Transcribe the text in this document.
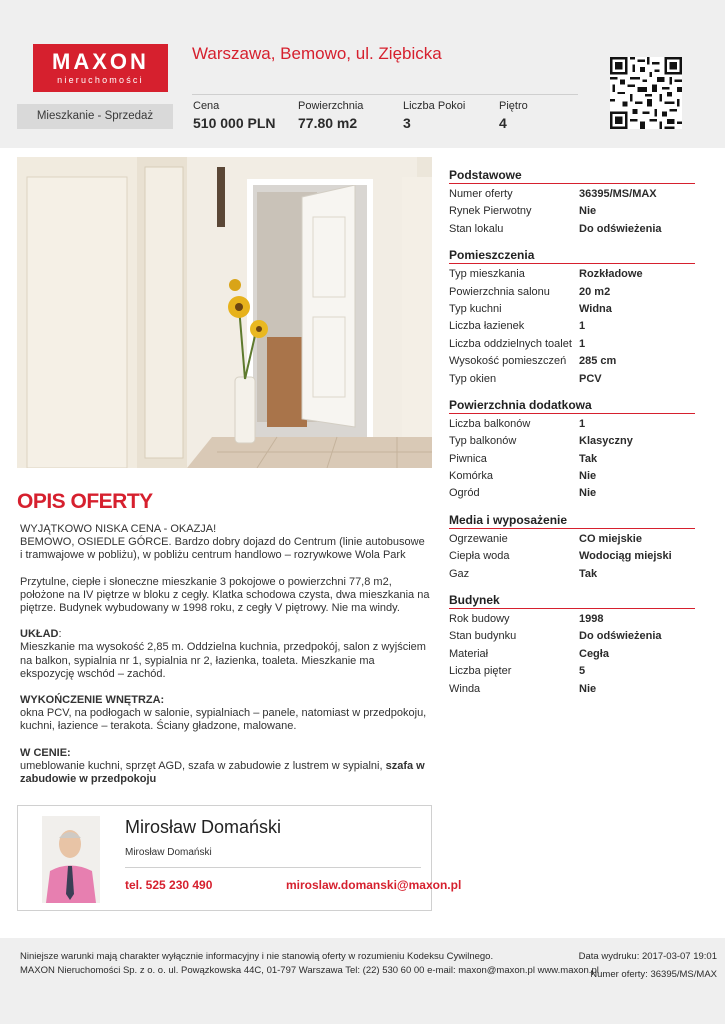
MAXON
nieruchomości
Warszawa, Bemowo, ul. Ziębicka
Mieszkanie - Sprzedaż
Cena
510 000 PLN
Powierzchnia
77.80 m2
Liczba Pokoi
3
Piętro
4
OPIS OFERTY

WYJĄTKOWO NISKA CENA - OKAZJA!
BEMOWO, OSIEDLE GÓRCE. Bardzo dobry dojazd do Centrum (linie autobusowe i tramwajowe w pobliżu), w pobliżu centrum handlowo – rozrywkowe Wola Park

Przytulne, ciepłe i słoneczne mieszkanie 3 pokojowe o powierzchni 77,8 m2, położone na IV piętrze w bloku z cegły. Klatka schodowa czysta, dwa mieszkania na piętrze. Budynek wybudowany w 1998 roku, z cegły V piętrowy. Nie ma windy.

UKŁAD:
Mieszkanie ma wysokość 2,85 m. Oddzielna kuchnia, przedpokój, salon z wyjściem na balkon, sypialnia nr 1, sypialnia nr 2, łazienka, toaleta. Mieszkanie ma ekspozycję wschód – zachód.

WYKOŃCZENIE WNĘTRZA:
okna PCV, na podłogach w salonie, sypialniach – panele, natomiast w przedpokoju, kuchni, łazience – terakota. Ściany gładzone, malowane.

W CENIE:
umeblowanie kuchni, sprzęt AGD, szafa w zabudowie z lustrem w sypialni, szafa w zabudowie w przedpokoju

Mirosław Domański
Mirosław Domański
tel. 525 230 490	miroslaw.domanski@maxon.pl
Podstawowe
Numer oferty	36395/MS/MAX
Rynek Pierwotny	Nie
Stan lokalu	Do odświeżenia
Pomieszczenia
Typ mieszkania	Rozkładowe
Powierzchnia salonu	20 m2
Typ kuchni	Widna
Liczba łazienek	1
Liczba oddzielnych toalet 1
Wysokość pomieszczeń 285 cm
Typ okien	PCV
Powierzchnia dodatkowa
Liczba balkonów	1
Typ balkonów	Klasyczny
Piwnica	Tak
Komórka	Nie
Ogród	Nie
Media i wyposażenie
Ogrzewanie	CO miejskie
Ciepła woda	Wodociąg miejski
Gaz	Tak
Budynek
Rok budowy	1998
Stan budynku	Do odświeżenia
Materiał	Cegła
Liczba pięter	5
Winda	Nie
Niniejsze warunki mają charakter wyłącznie informacyjny i nie stanowią oferty w rozumieniu Kodeksu Cywilnego.
MAXON Nieruchomości Sp. z o. o. ul. Powązkowska 44C, 01-797 Warszawa Tel: (22) 530 60 00 e-mail: maxon@maxon.pl www.maxon.pl
Data wydruku: 2017-03-07 19:01
Numer oferty: 36395/MS/MAX
